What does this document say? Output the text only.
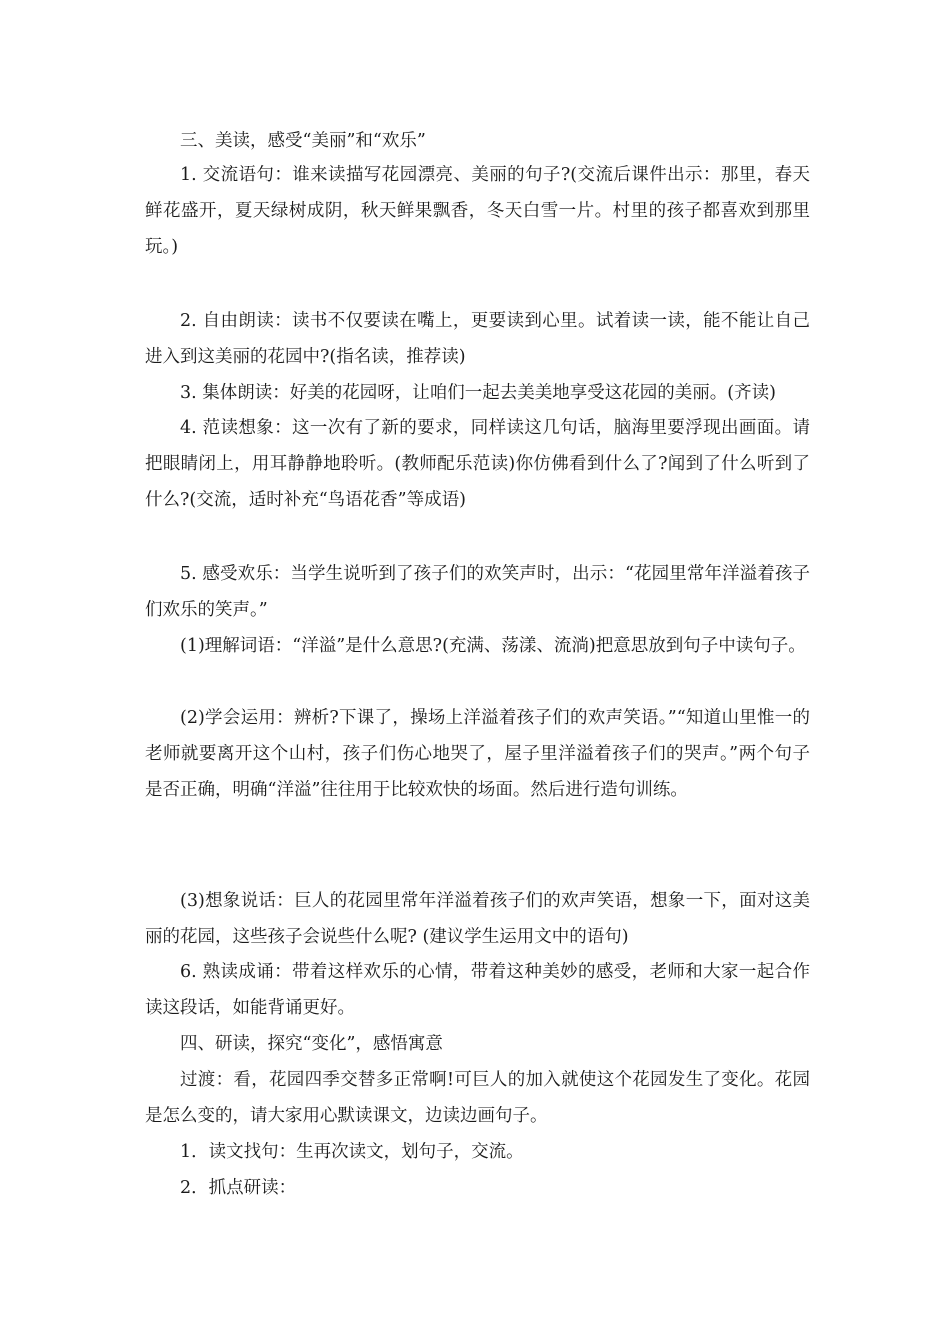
三、美读，感受“美丽”和“欢乐”

1. 交流语句：谁来读描写花园漂亮、美丽的句子?(交流后课件出示：那里，春天鲜花盛开，夏天绿树成阴，秋天鲜果飘香，冬天白雪一片。村里的孩子都喜欢到那里玩。)

2. 自由朗读：读书不仅要读在嘴上，更要读到心里。试着读一读，能不能让自己进入到这美丽的花园中?(指名读，推荐读)

3. 集体朗读：好美的花园呀，让咱们一起去美美地享受这花园的美丽。(齐读)

4. 范读想象：这一次有了新的要求，同样读这几句话，脑海里要浮现出画面。请把眼睛闭上，用耳静静地聆听。(教师配乐范读)你仿佛看到什么了?闻到了什么听到了什么?(交流，适时补充“鸟语花香”等成语)

5. 感受欢乐：当学生说听到了孩子们的欢笑声时，出示：“花园里常年洋溢着孩子们欢乐的笑声。”

(1)理解词语：“洋溢”是什么意思?(充满、荡漾、流淌)把意思放到句子中读句子。

(2)学会运用：辨析?下课了，操场上洋溢着孩子们的欢声笑语。”“知道山里惟一的老师就要离开这个山村，孩子们伤心地哭了，屋子里洋溢着孩子们的哭声。”两个句子是否正确，明确“洋溢”往往用于比较欢快的场面。然后进行造句训练。

(3)想象说话：巨人的花园里常年洋溢着孩子们的欢声笑语，想象一下，面对这美丽的花园，这些孩子会说些什么呢? (建议学生运用文中的语句)

6. 熟读成诵：带着这样欢乐的心情，带着这种美妙的感受，老师和大家一起合作读这段话，如能背诵更好。

四、研读，探究“变化”，感悟寓意

过渡：看，花园四季交替多正常啊!可巨人的加入就使这个花园发生了变化。花园是怎么变的，请大家用心默读课文，边读边画句子。

1．读文找句：生再次读文，划句子，交流。

2．抓点研读：
